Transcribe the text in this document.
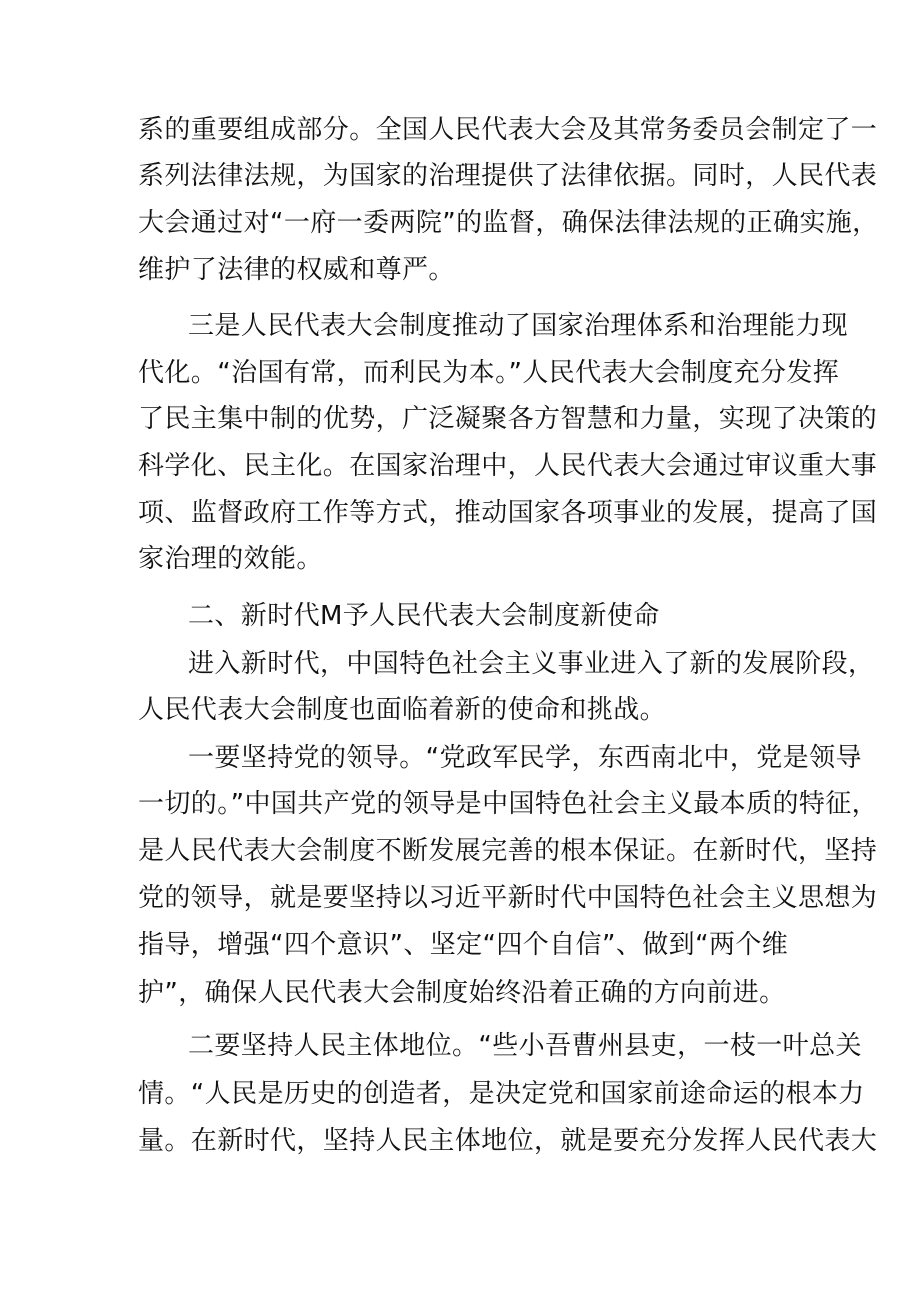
系的重要组成部分。全国人民代表大会及其常务委员会制定了一
系列法律法规，为国家的治理提供了法律依据。同时，人民代表
大会通过对“一府一委两院”的监督，确保法律法规的正确实施，
维护了法律的权威和尊严。
三是人民代表大会制度推动了国家治理体系和治理能力现
代化。“治国有常，而利民为本。”人民代表大会制度充分发挥
了民主集中制的优势，广泛凝聚各方智慧和力量，实现了决策的
科学化、民主化。在国家治理中，人民代表大会通过审议重大事
项、监督政府工作等方式，推动国家各项事业的发展，提高了国
家治理的效能。
二、新时代M予人民代表大会制度新使命
进入新时代，中国特色社会主义事业进入了新的发展阶段，
人民代表大会制度也面临着新的使命和挑战。
一要坚持党的领导。“党政军民学，东西南北中，党是领导
一切的。”中国共产党的领导是中国特色社会主义最本质的特征，
是人民代表大会制度不断发展完善的根本保证。在新时代，坚持
党的领导，就是要坚持以习近平新时代中国特色社会主义思想为
指导，增强“四个意识”、坚定“四个自信”、做到“两个维
护”，确保人民代表大会制度始终沿着正确的方向前进。
二要坚持人民主体地位。“些小吾曹州县吏，一枝一叶总关
情。“人民是历史的创造者，是决定党和国家前途命运的根本力
量。在新时代，坚持人民主体地位，就是要充分发挥人民代表大
